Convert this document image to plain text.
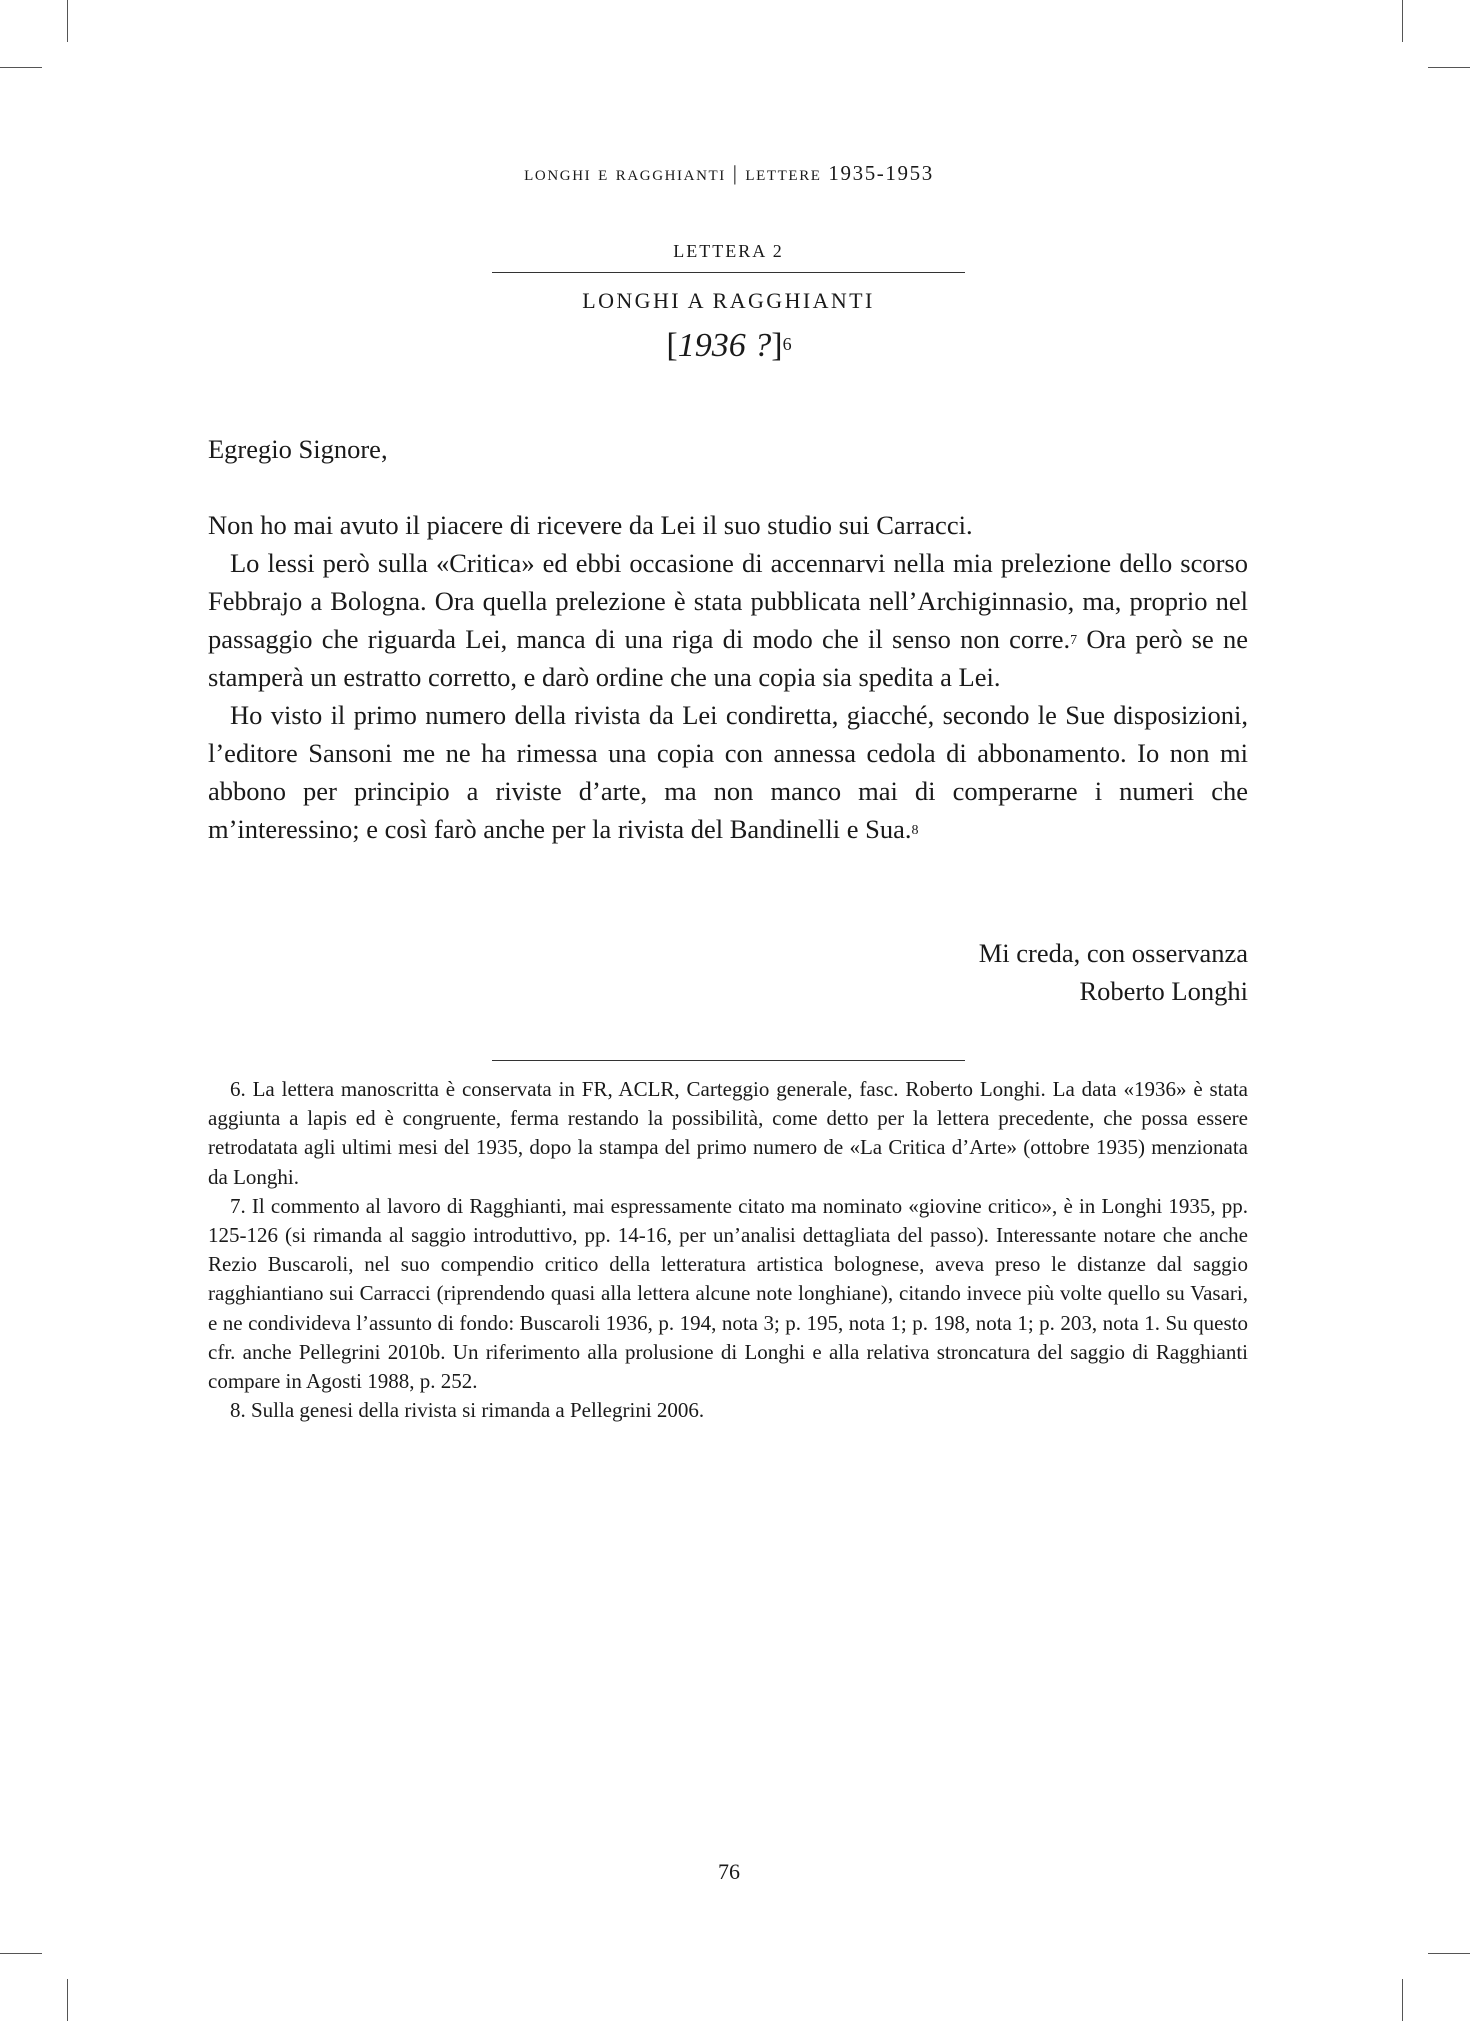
longhi e ragghianti | lettere 1935-1953
LETTERA 2
LONGHI A RAGGHIANTI
[1936 ?]$^6$
Egregio Signore,

Non ho mai avuto il piacere di ricevere da Lei il suo studio sui Carracci.

Lo lessi però sulla «Critica» ed ebbi occasione di accennarvi nella mia prelezione dello scorso Febbrajo a Bologna. Ora quella prelezione è stata pubblicata nell’Archiginnasio, ma, proprio nel passaggio che riguarda Lei, manca di una riga di modo che il senso non corre.$^7$ Ora però se ne stamperà un estratto corretto, e darò ordine che una copia sia spedita a Lei.

Ho visto il primo numero della rivista da Lei condiretta, giacché, secondo le Sue disposizioni, l’editore Sansoni me ne ha rimessa una copia con annessa cedola di abbonamento. Io non mi abbono per principio a riviste d’arte, ma non manco mai di comperarne i numeri che m’interessino; e così farò anche per la rivista del Bandinelli e Sua.$^8$

Mi creda, con osservanza
Roberto Longhi

6. La lettera manoscritta è conservata in FR, ACLR, Carteggio generale, fasc. Roberto Longhi. La data «1936» è stata aggiunta a lapis ed è congruente, ferma restando la possibilità, come detto per la lettera precedente, che possa essere retrodatata agli ultimi mesi del 1935, dopo la stampa del primo numero de «La Critica d’Arte» (ottobre 1935) menzionata da Longhi.

7. Il commento al lavoro di Ragghianti, mai espressamente citato ma nominato «giovine critico», è in Longhi 1935, pp. 125-126 (si rimanda al saggio introduttivo, pp. 14-16, per un’analisi dettagliata del passo). Interessante notare che anche Rezio Buscaroli, nel suo compendio critico della letteratura artistica bolognese, aveva preso le distanze dal saggio ragghiantiano sui Carracci (riprendendo quasi alla lettera alcune note longhiane), citando invece più volte quello su Vasari, e ne condivideva l’assunto di fondo: Buscaroli 1936, p. 194, nota 3; p. 195, nota 1; p. 198, nota 1; p. 203, nota 1. Su questo cfr. anche Pellegrini 2010b. Un riferimento alla prolusione di Longhi e alla relativa stroncatura del saggio di Ragghianti compare in Agosti 1988, p. 252.

8. Sulla genesi della rivista si rimanda a Pellegrini 2006.

76
